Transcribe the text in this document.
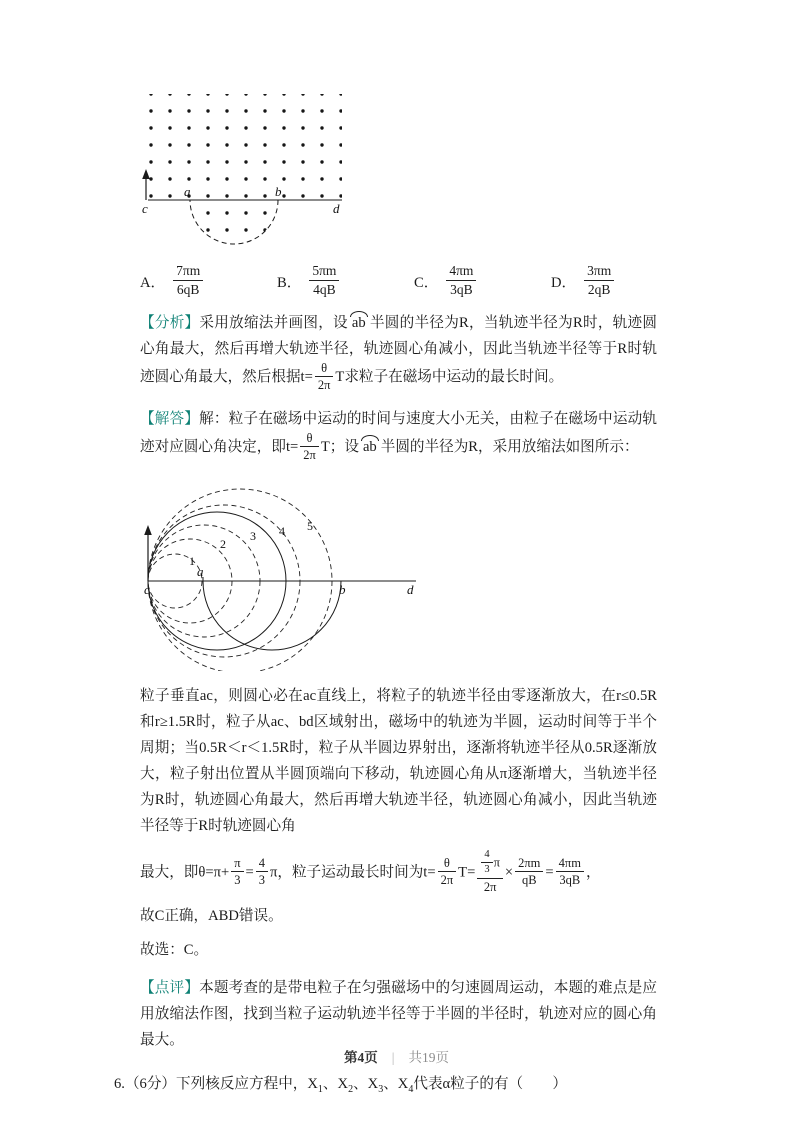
c
a	b
d
A． $\frac{7\pi m}{6qB}$	B． $\frac{5\pi m}{4qB}$	C． $\frac{4\pi m}{3qB}$	D． $\frac{3\pi m}{2qB}$

【分析】采用放缩法并画图，设 ab 半圆的半径为R，当轨迹半径为R时，轨迹圆心角最大，然后再增大轨迹半径，轨迹圆心角减小，因此当轨迹半径等于R时轨迹圆心角最大，然后根据$t= \frac{\theta}{2\pi}$ T求粒子在磁场中运动的最长时间。

【解答】解：粒子在磁场中运动的时间与速度大小无关，由粒子在磁场中运动轨迹对应圆心角决定，即$t= \frac{\theta}{2\pi}$ T；设 ab 半圆的半径为R，采用放缩法如图所示：

c
a
b	d
1
2
3 4 5

粒子垂直ac，则圆心必在ac直线上，将粒子的轨迹半径由零逐渐放大，在r≤0.5R和r≥1.5R时，粒子从ac、bd区域射出，磁场中的轨迹为半圆，运动时间等于半个周期；当0.5R＜r＜1.5R时，粒子从半圆边界射出，逐渐将轨迹半径从0.5R逐渐放大，粒子射出位置从半圆顶端向下移动，轨迹圆心角从π逐渐增大，当轨迹半径为R时，轨迹圆心角最大，然后再增大轨迹半径，轨迹圆心角减小，因此当轨迹半径等于R时轨迹圆心角

最大，即$\theta=\pi+ \frac{\pi}{3} = \frac{4}{3}$ π，粒子运动最长时间为$t= \frac{\theta}{2\pi} T= \frac{\frac{4}{3} \pi}{2\pi} \times \frac{2\pi m}{qB} = \frac{4\pi m}{3qB}$ ，

故C正确，ABD错误。

故选：C。

【点评】本题考查的是带电粒子在匀强磁场中的匀速圆周运动，本题的难点是应用放缩法作图，找到当粒子运动轨迹半径等于半圆的半径时，轨迹对应的圆心角最大。

6.（6分）下列核反应方程中，$X_1$、$X_2$、$X_3$、$X_4$代表α粒子的有（　　）

第4页 | 共19页
